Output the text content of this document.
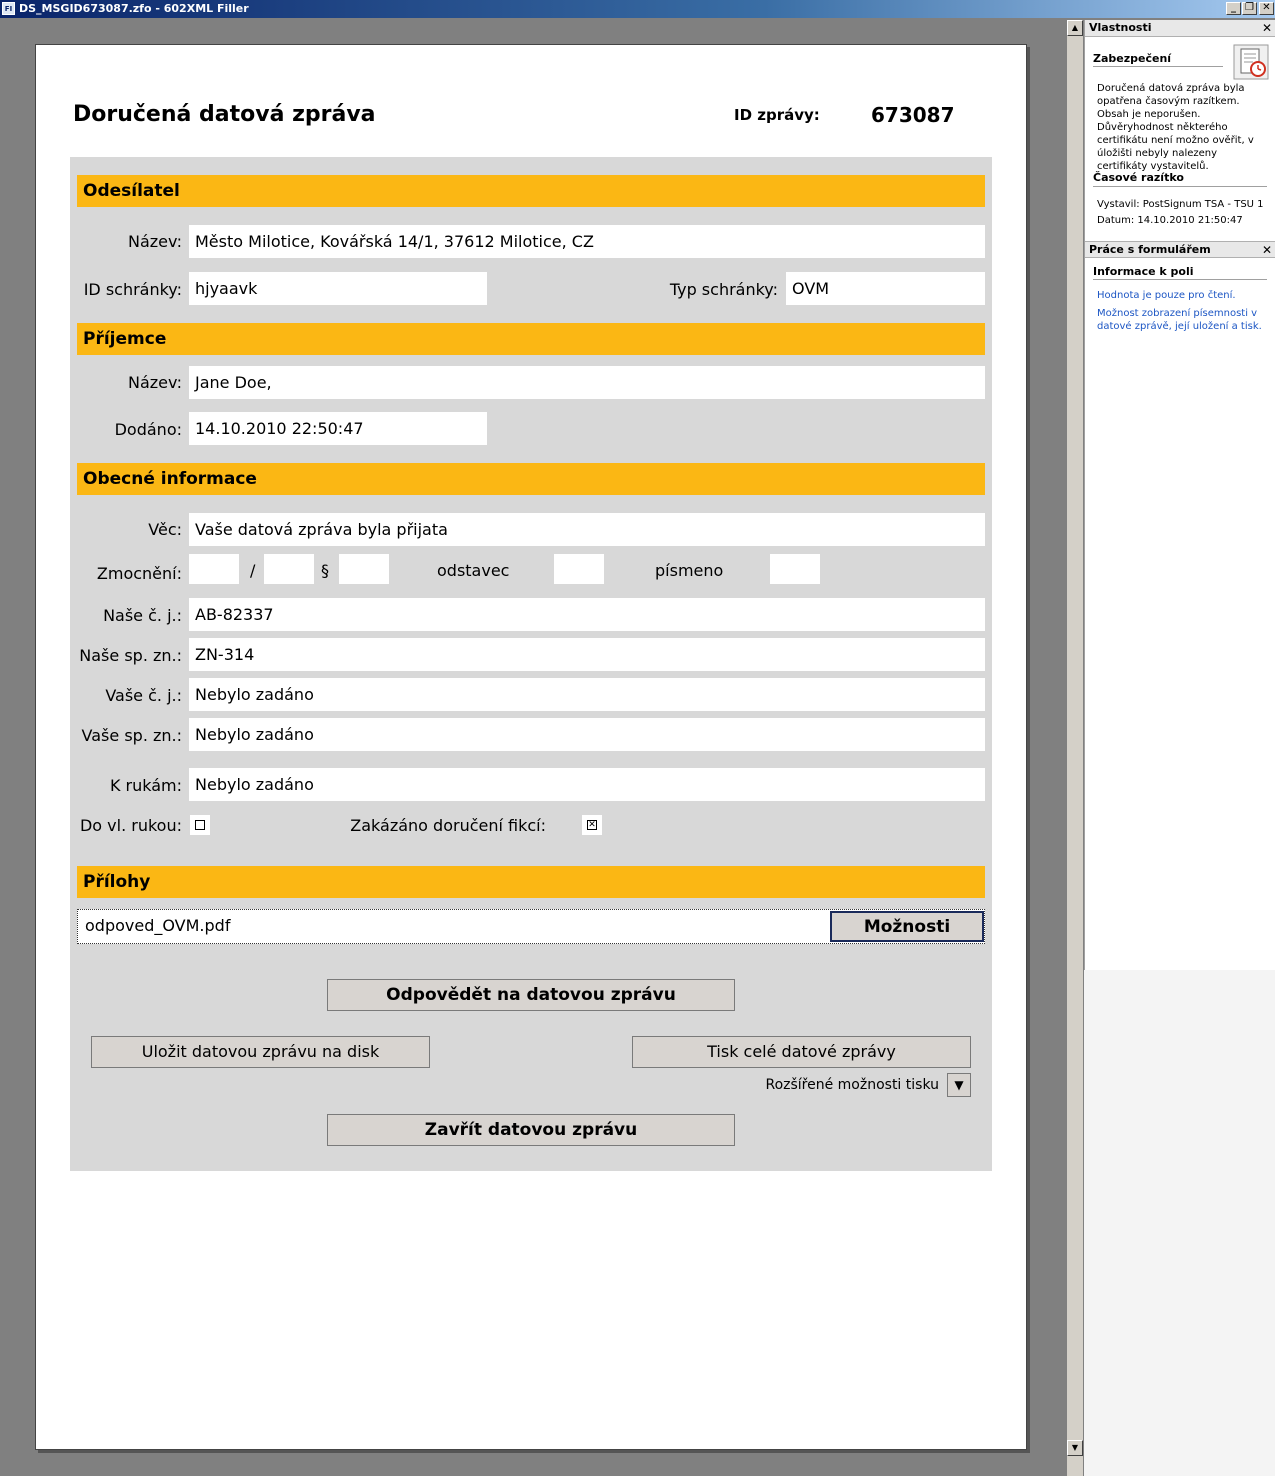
FI DS_MSGID673087.zfo - 602XML Filler	_ ❐ ✕
Doručená datová zpráva	ID zprávy:	673087
Odesílatel
Název: Město Milotice, Kovářská 14/1, 37612 Milotice, CZ
ID schránky: hjyaavk	Typ schránky: OVM
Příjemce
Název: Jane Doe,
Dodáno: 14.10.2010 22:50:47
Obecné informace
Věc: Vaše datová zpráva byla přijata
Zmocnění:	/	§	odstavec	písmeno
Naše č. j.: AB-82337
Naše sp. zn.: ZN-314
Vaše č. j.: Nebylo zadáno
Vaše sp. zn.: Nebylo zadáno
K rukám: Nebylo zadáno
Do vl. rukou:	Zakázáno doručení fikcí:	✕
Přílohy
odpoved_OVM.pdf	Možnosti
Odpovědět na datovou zprávu
Uložit datovou zprávu na disk	Tisk celé datové zprávy
Rozšířené možnosti tisku	▼
Zavřít datovou zprávu
▲
▼
Vlastnosti	✕
Zabezpečení
Doručená datová zpráva byla opatřena časovým razítkem. Obsah je neporušen. Důvěryhodnost některého certifikátu není možno ověřit, v úložišti nebyly nalezeny certifikáty vystavitelů.
Časové razítko
Vystavil: PostSignum TSA - TSU 1
Datum: 14.10.2010 21:50:47
Práce s formulářem	✕
Informace k poli
Hodnota je pouze pro čtení.
Možnost zobrazení písemnosti v datové zprávě, její uložení a tisk.
